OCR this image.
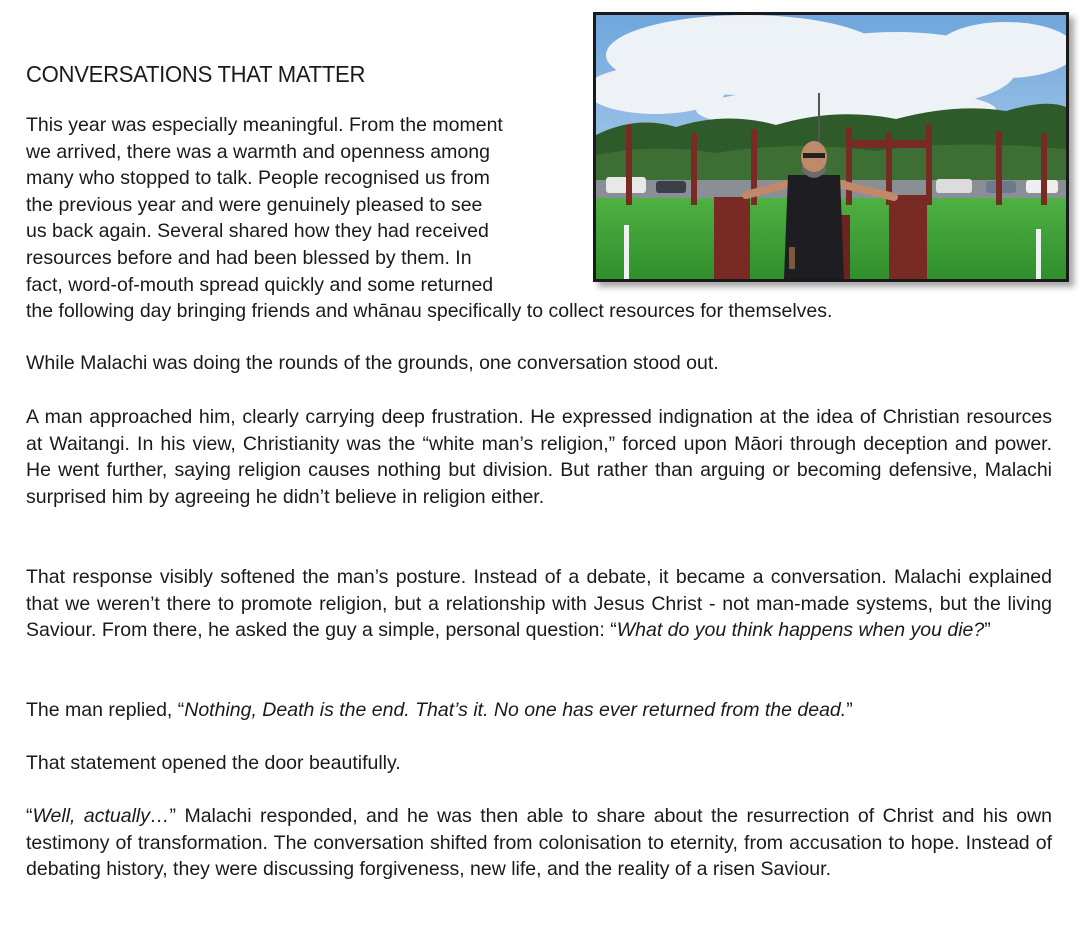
CONVERSATIONS THAT MATTER

This year was especially meaningful. From the moment
we arrived, there was a warmth and openness among
many who stopped to talk. People recognised us from
the previous year and were genuinely pleased to see
us back again. Several shared how they had received
resources before and had been blessed by them. In
fact, word-of-mouth spread quickly and some returned
the following day bringing friends and whānau specifically to collect resources for themselves.

While Malachi was doing the rounds of the grounds, one conversation stood out.

A man approached him, clearly carrying deep frustration. He expressed indignation at the idea of Christian resources at Waitangi. In his view, Christianity was the “white man’s religion,” forced upon Māori through deception and power. He went further, saying religion causes nothing but division. But rather than arguing or becoming defensive, Malachi surprised him by agreeing he didn’t believe in religion either.

That response visibly softened the man’s posture. Instead of a debate, it became a conversation. Malachi explained that we weren’t there to promote religion, but a relationship with Jesus Christ - not man-made systems, but the living Saviour. From there, he asked the guy a simple, personal question: “What do you think happens when you die?”

The man replied, “Nothing, Death is the end. That’s it. No one has ever returned from the dead.”

That statement opened the door beautifully.

“Well, actually…” Malachi responded, and he was then able to share about the resurrection of Christ and his own testimony of transformation. The conversation shifted from colonisation to eternity, from accusation to hope. Instead of debating history, they were discussing forgiveness, new life, and the reality of a risen Saviour.
